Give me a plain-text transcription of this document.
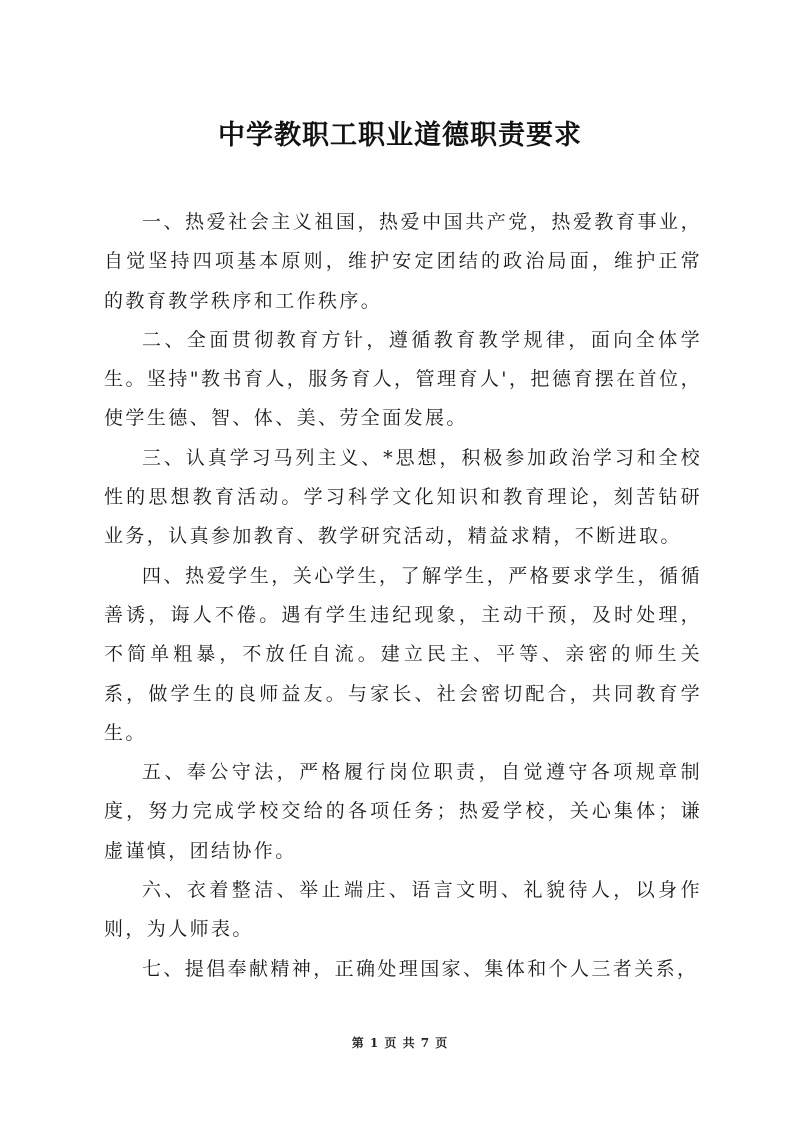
中学教职工职业道德职责要求

一、热爱社会主义祖国，热爱中国共产党，热爱教育事业，自觉坚持四项基本原则，维护安定团结的政治局面，维护正常的教育教学秩序和工作秩序。

二、全面贯彻教育方针，遵循教育教学规律，面向全体学生。坚持"教书育人，服务育人，管理育人'，把德育摆在首位，使学生德、智、体、美、劳全面发展。

三、认真学习马列主义、*思想，积极参加政治学习和全校性的思想教育活动。学习科学文化知识和教育理论，刻苦钻研业务，认真参加教育、教学研究活动，精益求精，不断进取。

四、热爱学生，关心学生，了解学生，严格要求学生，循循善诱，诲人不倦。遇有学生违纪现象，主动干预，及时处理，不简单粗暴，不放任自流。建立民主、平等、亲密的师生关系，做学生的良师益友。与家长、社会密切配合，共同教育学生。

五、奉公守法，严格履行岗位职责，自觉遵守各项规章制度，努力完成学校交给的各项任务；热爱学校，关心集体；谦虚谨慎，团结协作。

六、衣着整洁、举止端庄、语言文明、礼貌待人，以身作则，为人师表。

七、提倡奉献精神，正确处理国家、集体和个人三者关系，

第 1 页 共 7 页
